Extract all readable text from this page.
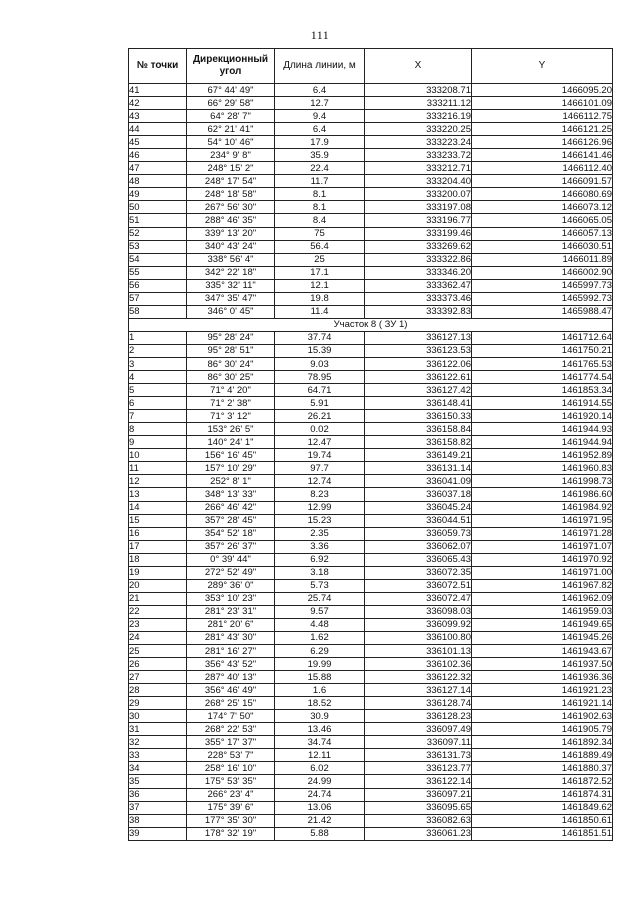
111
№ точки	Дирекционный угол	Длина линии, м	X	Y
41	67° 44' 49"	6.4	333208.71	1466095.20
42	66° 29' 58"	12.7	333211.12	1466101.09
43	64° 28' 7"	9.4	333216.19	1466112.75
44	62° 21' 41"	6.4	333220.25	1466121.25
45	54° 10' 46"	17.9	333223.24	1466126.96
46	234° 9' 8"	35.9	333233.72	1466141.46
47	248° 15' 2"	22.4	333212.71	1466112.40
48	248° 17' 54"	11.7	333204.40	1466091.57
49	248° 18' 58"	8.1	333200.07	1466080.69
50	267° 56' 30"	8.1	333197.08	1466073.12
51	288° 46' 35"	8.4	333196.77	1466065.05
52	339° 13' 20"	75	333199.46	1466057.13
53	340° 43' 24"	56.4	333269.62	1466030.51
54	338° 56' 4"	25	333322.86	1466011.89
55	342° 22' 18"	17.1	333346.20	1466002.90
56	335° 32' 11"	12.1	333362.47	1465997.73
57	347° 35' 47"	19.8	333373.46	1465992.73
58	346° 0' 45"	11.4	333392.83	1465988.47
Участок 8 ( ЗУ 1)				
1	95° 28' 24"	37.74	336127.13	1461712.64
2	95° 28' 51"	15.39	336123.53	1461750.21
3	86° 30' 24"	9.03	336122.06	1461765.53
4	86° 30' 25"	78.95	336122.61	1461774.54
5	71° 4' 20"	64.71	336127.42	1461853.34
6	71° 2' 38"	5.91	336148.41	1461914.55
7	71° 3' 12"	26.21	336150.33	1461920.14
8	153° 26' 5"	0.02	336158.84	1461944.93
9	140° 24' 1"	12.47	336158.82	1461944.94
10	156° 16' 45"	19.74	336149.21	1461952.89
11	157° 10' 29"	97.7	336131.14	1461960.83
12	252° 8' 1"	12.74	336041.09	1461998.73
13	348° 13' 33"	8.23	336037.18	1461986.60
14	266° 46' 42"	12.99	336045.24	1461984.92
15	357° 28' 45"	15.23	336044.51	1461971.95
16	354° 52' 18"	2.35	336059.73	1461971.28
17	357° 26' 37"	3.36	336062.07	1461971.07
18	0° 39' 44"	6.92	336065.43	1461970.92
19	272° 52' 49"	3.18	336072.35	1461971.00
20	289° 36' 0"	5.73	336072.51	1461967.82
21	353° 10' 23"	25.74	336072.47	1461962.09
22	281° 23' 31"	9.57	336098.03	1461959.03
23	281° 20' 6"	4.48	336099.92	1461949.65
24	281° 43' 30"	1.62	336100.80	1461945.26
25	281° 16' 27"	6.29	336101.13	1461943.67
26	356° 43' 52"	19.99	336102.36	1461937.50
27	287° 40' 13"	15.88	336122.32	1461936.36
28	356° 46' 49"	1.6	336127.14	1461921.23
29	268° 25' 15"	18.52	336128.74	1461921.14
30	174° 7' 50"	30.9	336128.23	1461902.63
31	268° 22' 53"	13.46	336097.49	1461905.79
32	355° 17' 37"	34.74	336097.11	1461892.34
33	228° 53' 7"	12.11	336131.73	1461889.49
34	258° 16' 10"	6.02	336123.77	1461880.37
35	175° 53' 35"	24.99	336122.14	1461872.52
36	266° 23' 4"	24.74	336097.21	1461874.31
37	175° 39' 6"	13.06	336095.65	1461849.62
38	177° 35' 30"	21.42	336082.63	1461850.61
39	178° 32' 19"	5.88	336061.23	1461851.51
